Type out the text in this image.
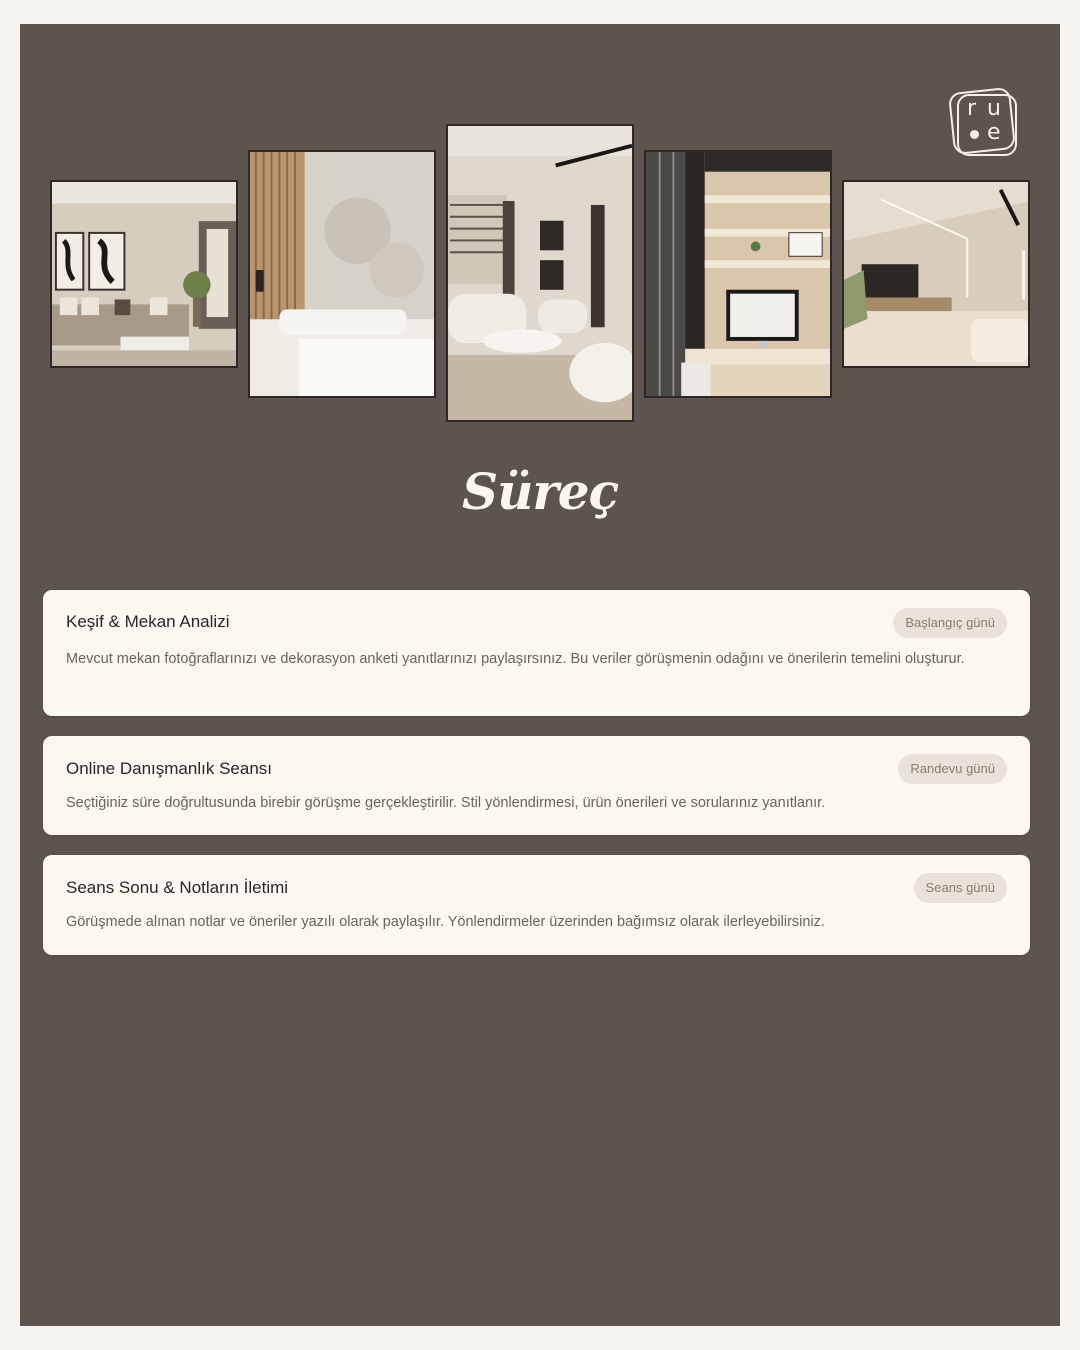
r u
e
Süreç
Keşif & Mekan Analizi	Başlangıç günü
Mevcut mekan fotoğraflarınızı ve dekorasyon anketi yanıtlarınızı paylaşırsınız. Bu veriler görüşmenin odağını ve önerilerin temelini oluşturur.
Online Danışmanlık Seansı	Randevu günü
Seçtiğiniz süre doğrultusunda birebir görüşme gerçekleştirilir. Stil yönlendirmesi, ürün önerileri ve sorularınız yanıtlanır.
Seans Sonu & Notların İletimi	Seans günü
Görüşmede alınan notlar ve öneriler yazılı olarak paylaşılır. Yönlendirmeler üzerinden bağımsız olarak ilerleyebilirsiniz.
